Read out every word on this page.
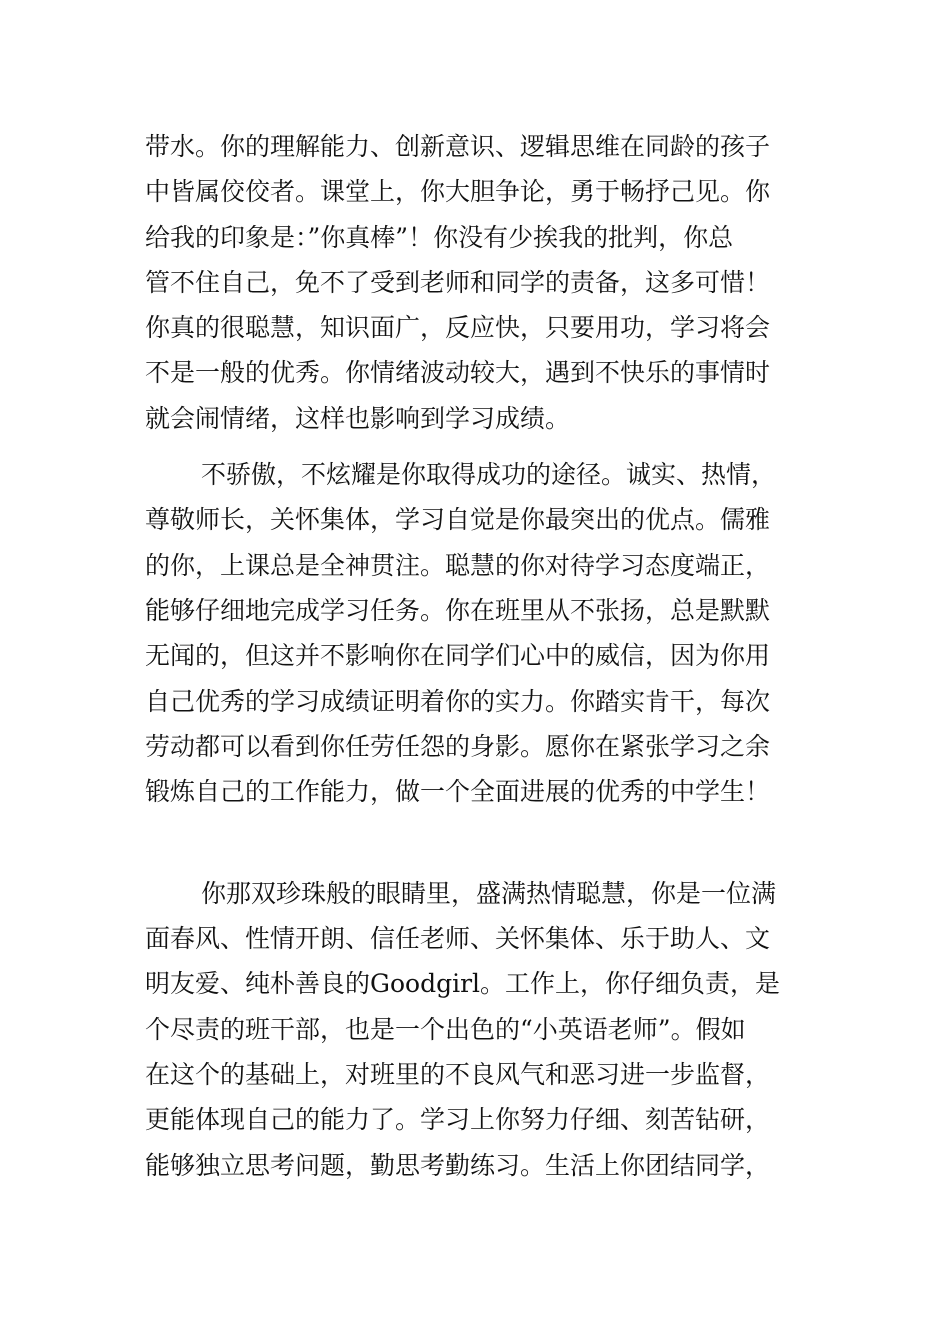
带水。你的理解能力、创新意识、逻辑思维在同龄的孩子
中皆属佼佼者。课堂上，你大胆争论，勇于畅抒己见。你
给我的印象是：”你真棒”！你没有少挨我的批判，你总
管不住自己，免不了受到老师和同学的责备，这多可惜！
你真的很聪慧，知识面广，反应快，只要用功，学习将会
不是一般的优秀。你情绪波动较大，遇到不快乐的事情时
就会闹情绪，这样也影响到学习成绩。
不骄傲，不炫耀是你取得成功的途径。诚实、热情，
尊敬师长，关怀集体，学习自觉是你最突出的优点。儒雅
的你，上课总是全神贯注。聪慧的你对待学习态度端正，
能够仔细地完成学习任务。你在班里从不张扬，总是默默
无闻的，但这并不影响你在同学们心中的威信，因为你用
自己优秀的学习成绩证明着你的实力。你踏实肯干，每次
劳动都可以看到你任劳任怨的身影。愿你在紧张学习之余
锻炼自己的工作能力，做一个全面进展的优秀的中学生！
你那双珍珠般的眼睛里，盛满热情聪慧，你是一位满
面春风、性情开朗、信任老师、关怀集体、乐于助人、文
明友爱、纯朴善良的Goodgirl。工作上，你仔细负责，是
个尽责的班干部，也是一个出色的“小英语老师”。假如
在这个的基础上，对班里的不良风气和恶习进一步监督，
更能体现自己的能力了。学习上你努力仔细、刻苦钻研，
能够独立思考问题，勤思考勤练习。生活上你团结同学，
